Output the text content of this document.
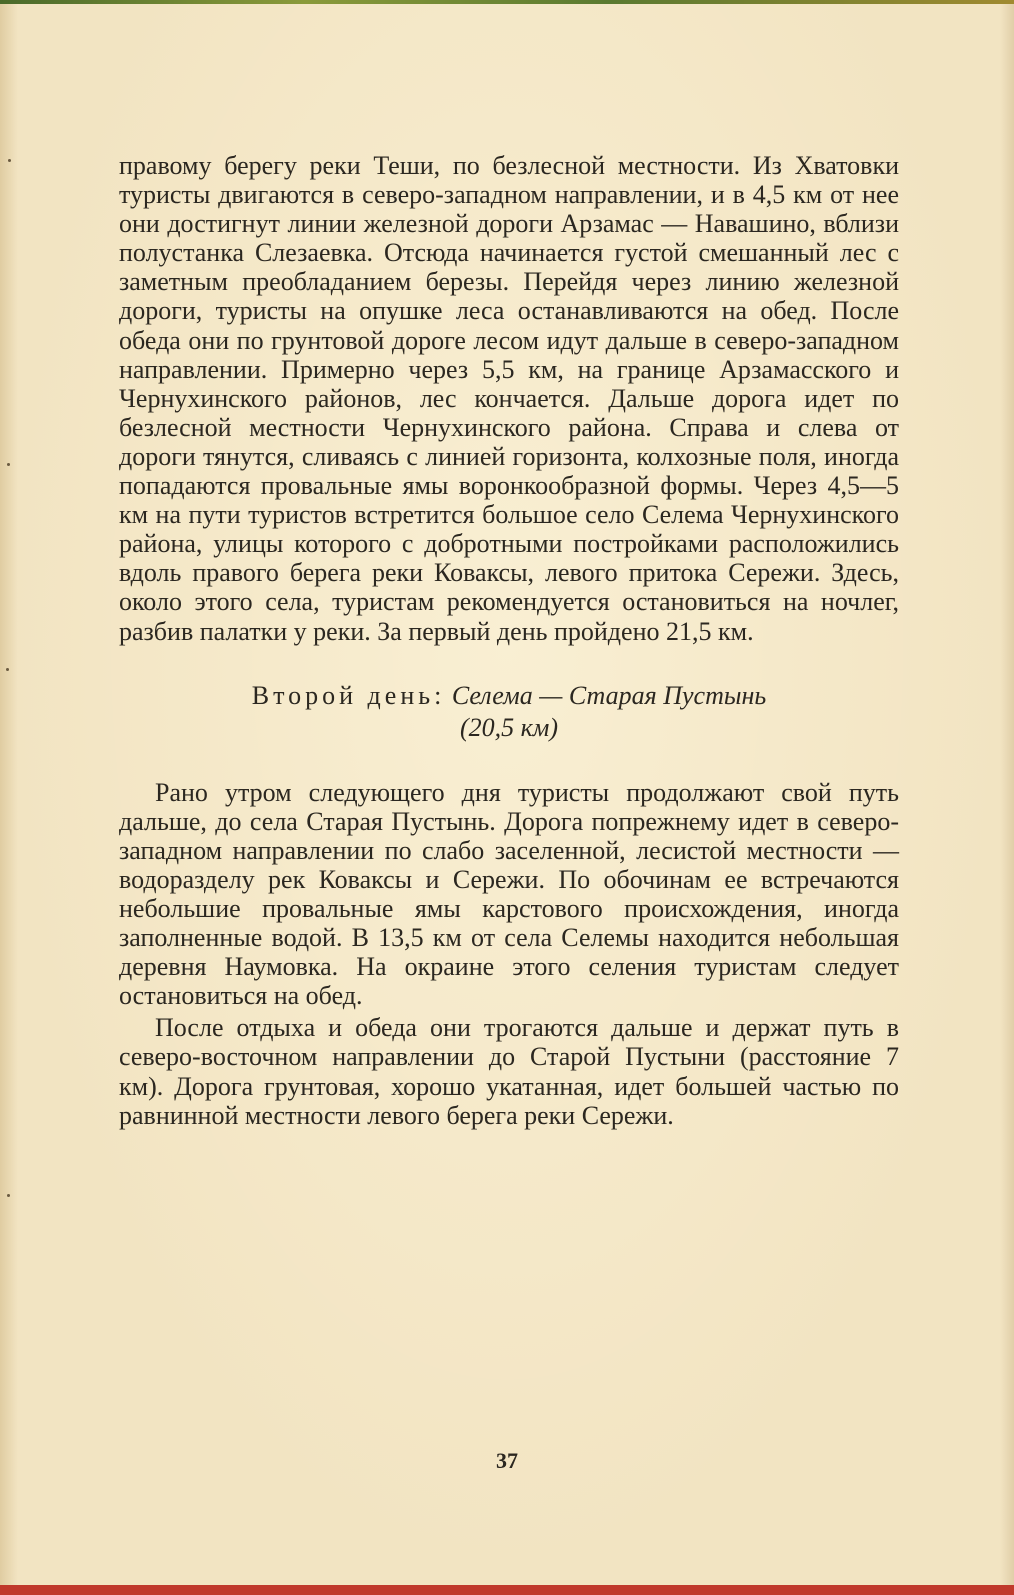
правому берегу реки Теши, по безлесной местности. Из Хватовки туристы двигаются в северо-западном направлении, и в 4,5 км от нее они достигнут линии железной дороги Арзамас — Навашино, вблизи полустанка Слезаевка. Отсюда начинается густой смешанный лес с заметным преобладанием березы. Перейдя через линию железной дороги, туристы на опушке леса останавливаются на обед. После обеда они по грунтовой дороге лесом идут дальше в северо-западном направлении. Примерно через 5,5 км, на границе Арзамасского и Чернухинского районов, лес кончается. Дальше дорога идет по безлесной местности Чернухинского района. Справа и слева от дороги тянутся, сливаясь с линией горизонта, колхозные поля, иногда попадаются провальные ямы воронкообразной формы. Через 4,5—5 км на пути туристов встретится большое село Селема Чернухинского района, улицы которого с добротными постройками расположились вдоль правого берега реки Коваксы, левого притока Сережи. Здесь, около этого села, туристам рекомендуется остановиться на ночлег, разбив палатки у реки. За первый день пройдено 21,5 км.

Второй день: Селема — Старая Пустынь
(20,5 км)

Рано утром следующего дня туристы продолжают свой путь дальше, до села Старая Пустынь. Дорога попрежнему идет в северо-западном направлении по слабо заселенной, лесистой местности — водоразделу рек Коваксы и Сережи. По обочинам ее встречаются небольшие провальные ямы карстового происхождения, иногда заполненные водой. В 13,5 км от села Селемы находится небольшая деревня Наумовка. На окраине этого селения туристам следует остановиться на обед.

После отдыха и обеда они трогаются дальше и держат путь в северо-восточном направлении до Старой Пустыни (расстояние 7 км). Дорога грунтовая, хорошо укатанная, идет большей частью по равнинной местности левого берега реки Сережи.

37
